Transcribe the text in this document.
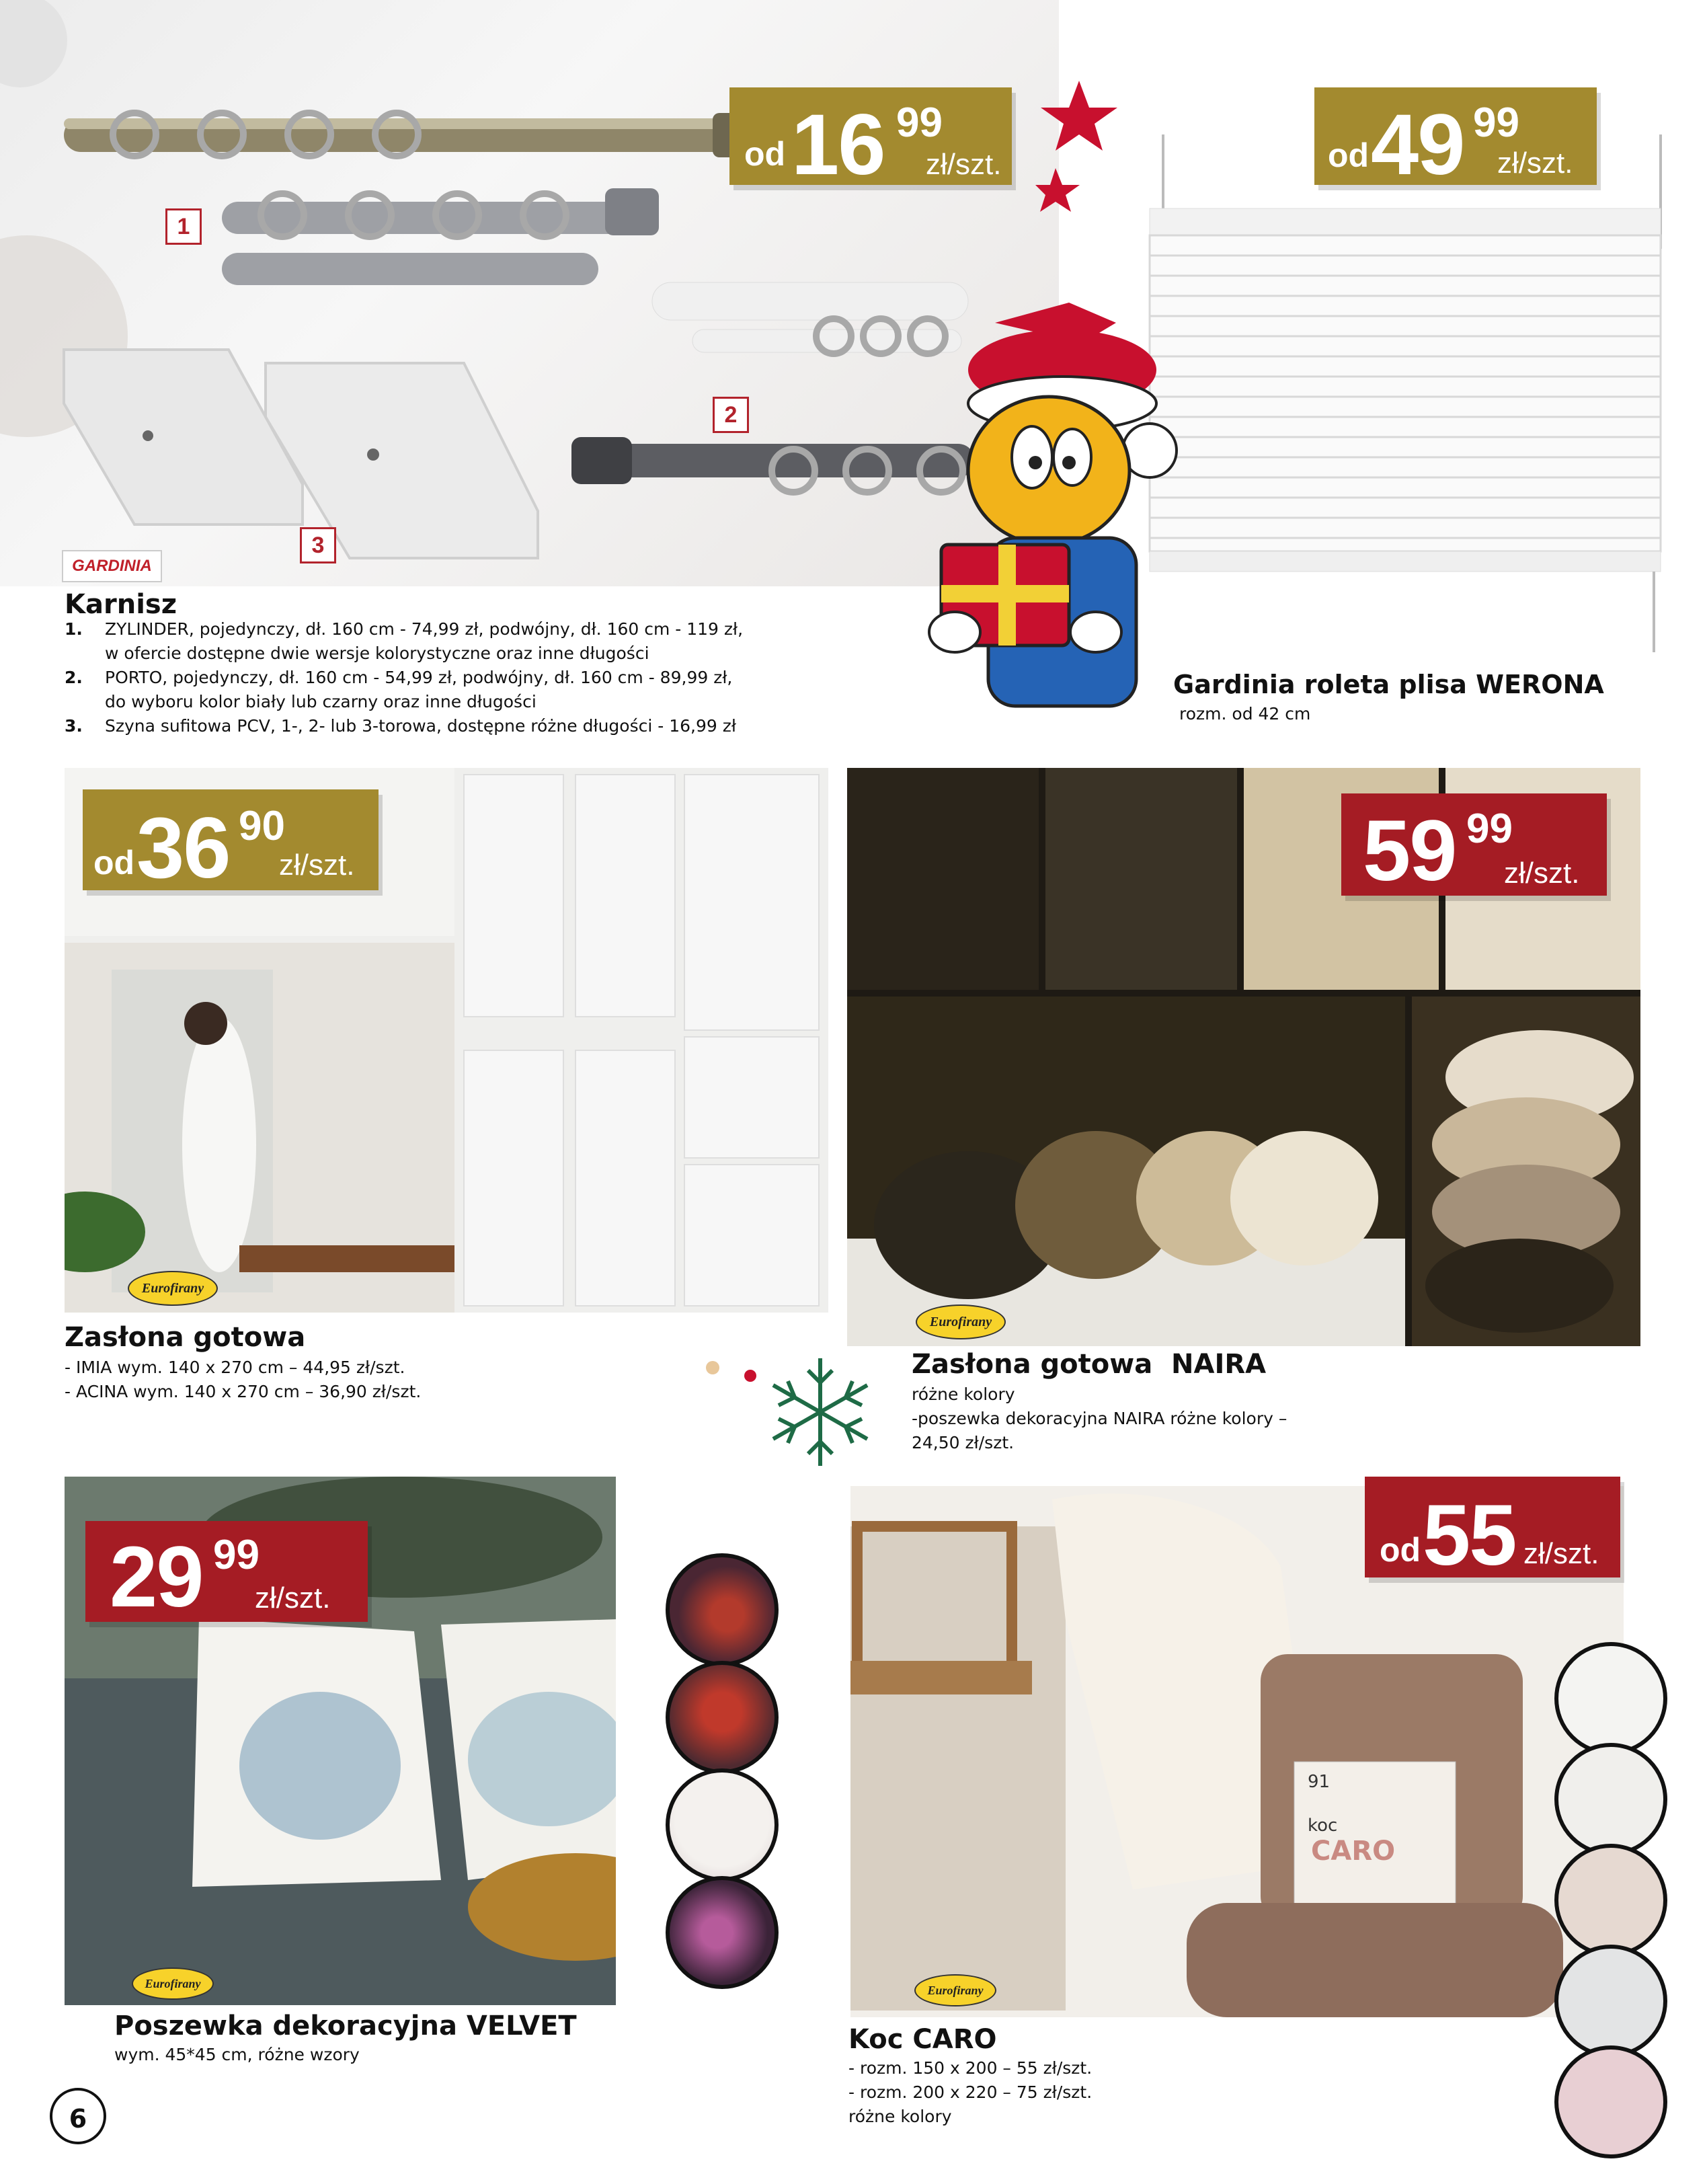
1
2
3
GARDINIA
od 16 99
zł/szt.
Karnisz
1. ZYLINDER, pojedynczy, dł. 160 cm - 74,99 zł, podwójny, dł. 160 cm - 119 zł,
w ofercie dostępne dwie wersje kolorystyczne oraz inne długości
2. PORTO, pojedynczy, dł. 160 cm - 54,99 zł, podwójny, dł. 160 cm - 89,99 zł,
do wyboru kolor biały lub czarny oraz inne długości
3. Szyna sufitowa PCV, 1-, 2- lub 3-torowa, dostępne różne długości - 16,99 zł
od 49 99
zł/szt.
Gardinia roleta plisa WERONA
rozm. od 42 cm
od 36 90
zł/szt.
Eurofirany
Zasłona gotowa
- IMIA wym. 140 x 270 cm – 44,95 zł/szt.
- ACINA wym. 140 x 270 cm – 36,90 zł/szt.
59 99
zł/szt.
Eurofirany
Zasłona gotowa  NAIRA
różne kolory
-poszewka dekoracyjna NAIRA różne kolory –
24,50 zł/szt.
29 99
zł/szt.
Eurofirany
Poszewka dekoracyjna VELVET
wym. 45*45 cm, różne wzory
91
koc
CARO
od 55 zł/szt.
Eurofirany
Koc CARO
- rozm. 150 x 200 – 55 zł/szt.
- rozm. 200 x 220 – 75 zł/szt.
różne kolory
6
